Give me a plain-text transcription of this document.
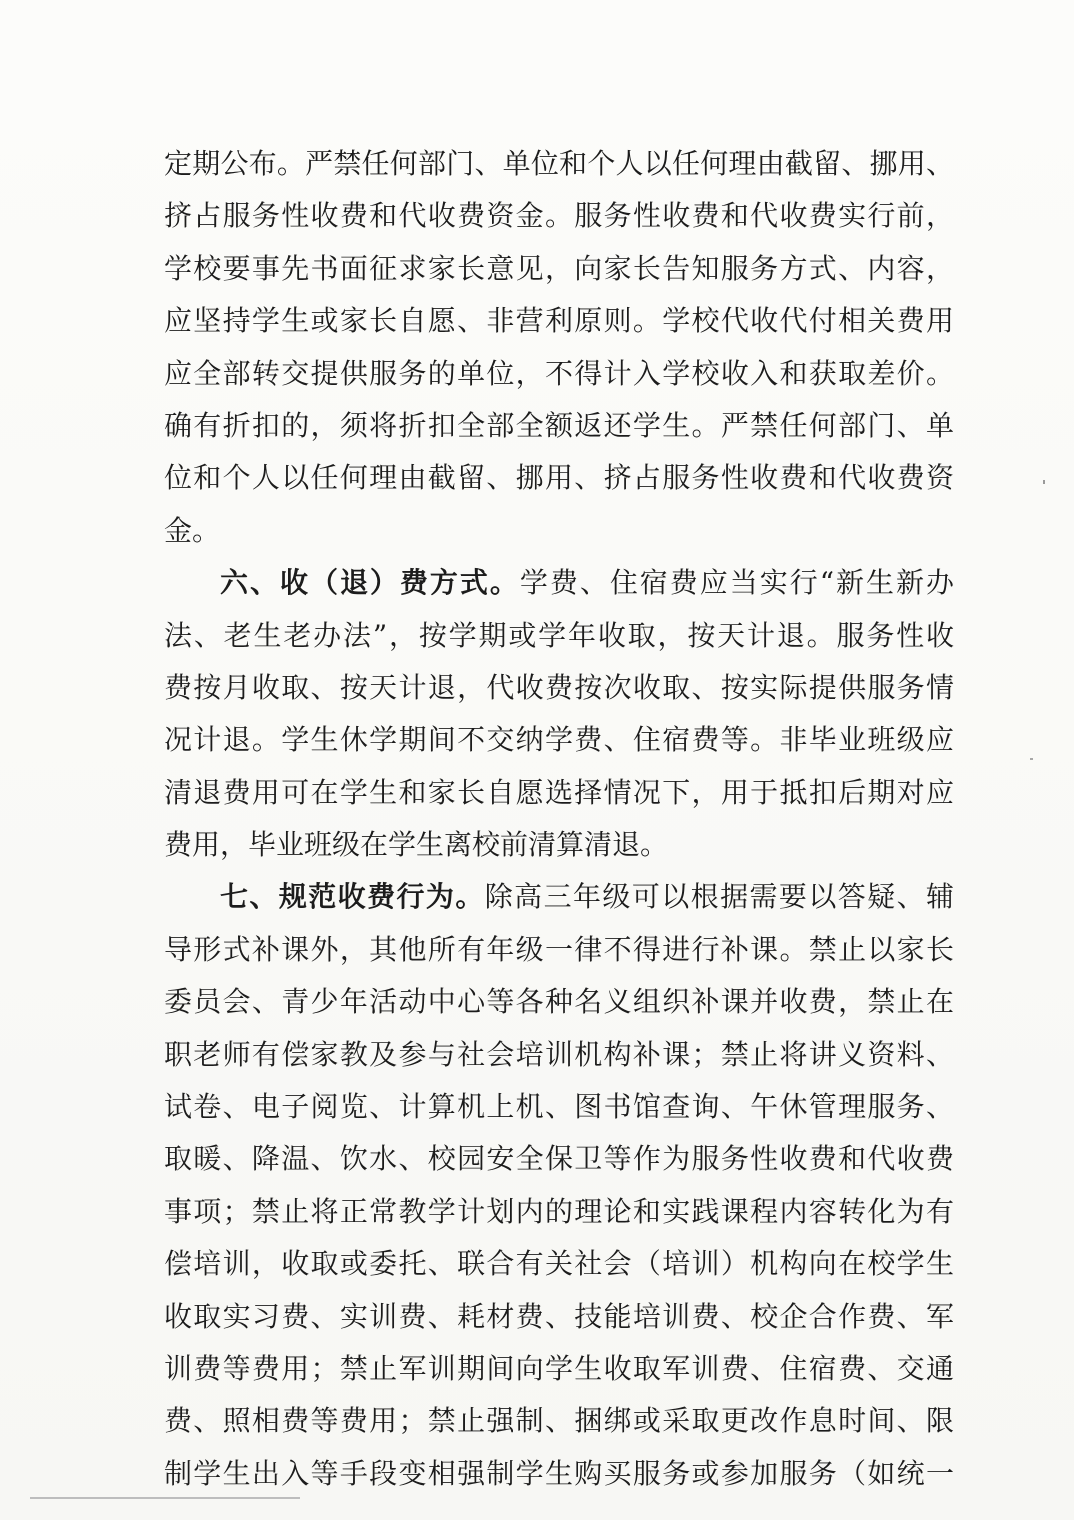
定期公布。严禁任何部门、单位和个人以任何理由截留、挪用、
挤占服务性收费和代收费资金。服务性收费和代收费实行前，
学校要事先书面征求家长意见，向家长告知服务方式、内容，
应坚持学生或家长自愿、非营利原则。学校代收代付相关费用
应全部转交提供服务的单位，不得计入学校收入和获取差价。
确有折扣的，须将折扣全部全额返还学生。严禁任何部门、单
位和个人以任何理由截留、挪用、挤占服务性收费和代收费资
金。
六、收（退）费方式。学费、住宿费应当实行“新生新办
法、老生老办法”，按学期或学年收取，按天计退。服务性收
费按月收取、按天计退，代收费按次收取、按实际提供服务情
况计退。学生休学期间不交纳学费、住宿费等。非毕业班级应
清退费用可在学生和家长自愿选择情况下，用于抵扣后期对应
费用，毕业班级在学生离校前清算清退。
七、规范收费行为。除高三年级可以根据需要以答疑、辅
导形式补课外，其他所有年级一律不得进行补课。禁止以家长
委员会、青少年活动中心等各种名义组织补课并收费，禁止在
职老师有偿家教及参与社会培训机构补课；禁止将讲义资料、
试卷、电子阅览、计算机上机、图书馆查询、午休管理服务、
取暖、降温、饮水、校园安全保卫等作为服务性收费和代收费
事项；禁止将正常教学计划内的理论和实践课程内容转化为有
偿培训，收取或委托、联合有关社会（培训）机构向在校学生
收取实习费、实训费、耗材费、技能培训费、校企合作费、军
训费等费用；禁止军训期间向学生收取军训费、住宿费、交通
费、照相费等费用；禁止强制、捆绑或采取更改作息时间、限
制学生出入等手段变相强制学生购买服务或参加服务（如统一
